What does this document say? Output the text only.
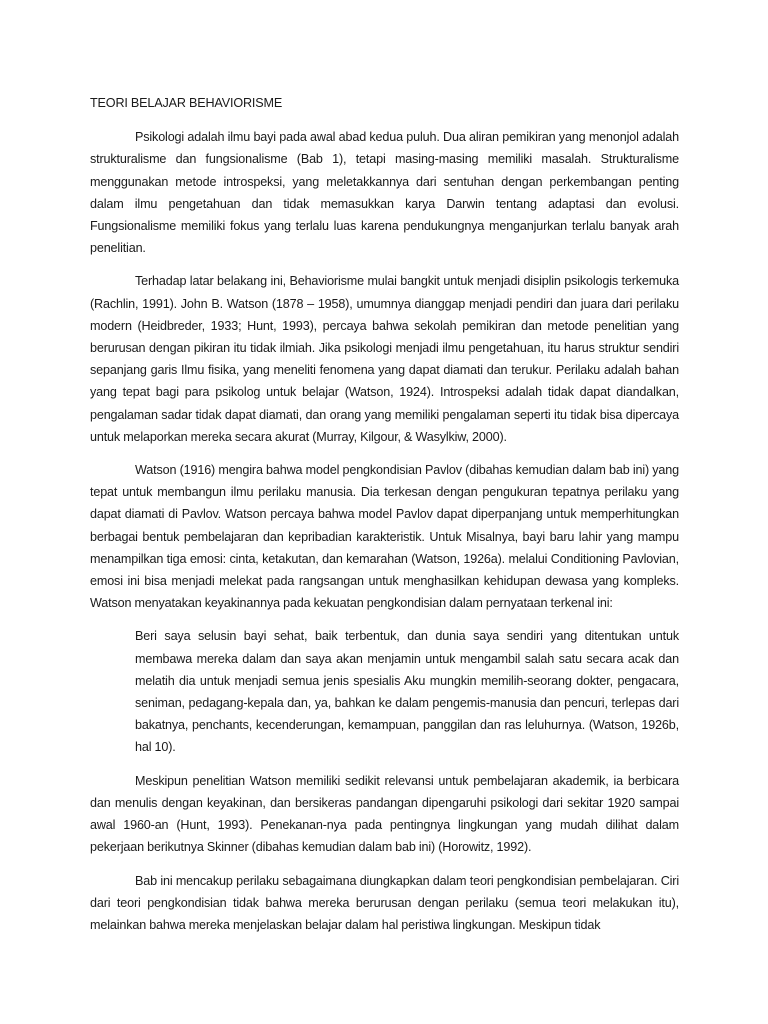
TEORI BELAJAR BEHAVIORISME

Psikologi adalah ilmu bayi pada awal abad kedua puluh. Dua aliran pemikiran yang menonjol adalah strukturalisme dan fungsionalisme (Bab 1), tetapi masing-masing memiliki masalah. Strukturalisme menggunakan metode introspeksi, yang meletakkannya dari sentuhan dengan perkembangan penting dalam ilmu pengetahuan dan tidak memasukkan karya Darwin tentang adaptasi dan evolusi. Fungsionalisme memiliki fokus yang terlalu luas karena pendukungnya menganjurkan terlalu banyak arah penelitian.

Terhadap latar belakang ini, Behaviorisme mulai bangkit untuk menjadi disiplin psikologis terkemuka (Rachlin, 1991). John B. Watson (1878 – 1958), umumnya dianggap menjadi pendiri dan juara dari perilaku modern (Heidbreder, 1933; Hunt, 1993), percaya bahwa sekolah pemikiran dan metode penelitian yang berurusan dengan pikiran itu tidak ilmiah. Jika psikologi menjadi ilmu pengetahuan, itu harus struktur sendiri sepanjang garis Ilmu fisika, yang meneliti fenomena yang dapat diamati dan terukur. Perilaku adalah bahan yang tepat bagi para psikolog untuk belajar (Watson, 1924). Introspeksi adalah tidak dapat diandalkan, pengalaman sadar tidak dapat diamati, dan orang yang memiliki pengalaman seperti itu tidak bisa dipercaya untuk melaporkan mereka secara akurat (Murray, Kilgour, & Wasylkiw, 2000).

Watson (1916) mengira bahwa model pengkondisian Pavlov (dibahas kemudian dalam bab ini) yang tepat untuk membangun ilmu perilaku manusia. Dia terkesan dengan pengukuran tepatnya perilaku yang dapat diamati di Pavlov. Watson percaya bahwa model Pavlov dapat diperpanjang untuk memperhitungkan berbagai bentuk pembelajaran dan kepribadian karakteristik. Untuk Misalnya, bayi baru lahir yang mampu menampilkan tiga emosi: cinta, ketakutan, dan kemarahan (Watson, 1926a). melalui Conditioning Pavlovian, emosi ini bisa menjadi melekat pada rangsangan untuk menghasilkan kehidupan dewasa yang kompleks. Watson menyatakan keyakinannya pada kekuatan pengkondisian dalam pernyataan terkenal ini:

Beri saya selusin bayi sehat, baik terbentuk, dan dunia saya sendiri yang ditentukan untuk membawa mereka dalam dan saya akan menjamin untuk mengambil salah satu secara acak dan melatih dia untuk menjadi semua jenis spesialis Aku mungkin memilih-seorang dokter, pengacara, seniman, pedagang-kepala dan, ya, bahkan ke dalam pengemis-manusia dan pencuri, terlepas dari bakatnya, penchants, kecenderungan, kemampuan, panggilan dan ras leluhurnya. (Watson, 1926b, hal 10).

Meskipun penelitian Watson memiliki sedikit relevansi untuk pembelajaran akademik, ia berbicara dan menulis dengan keyakinan, dan bersikeras pandangan dipengaruhi psikologi dari sekitar 1920 sampai awal 1960-an (Hunt, 1993). Penekanan-nya pada pentingnya lingkungan yang mudah dilihat dalam pekerjaan berikutnya Skinner (dibahas kemudian dalam bab ini) (Horowitz, 1992).

Bab ini mencakup perilaku sebagaimana diungkapkan dalam teori pengkondisian pembelajaran. Ciri dari teori pengkondisian tidak bahwa mereka berurusan dengan perilaku (semua teori melakukan itu), melainkan bahwa mereka menjelaskan belajar dalam hal peristiwa lingkungan. Meskipun tidak
